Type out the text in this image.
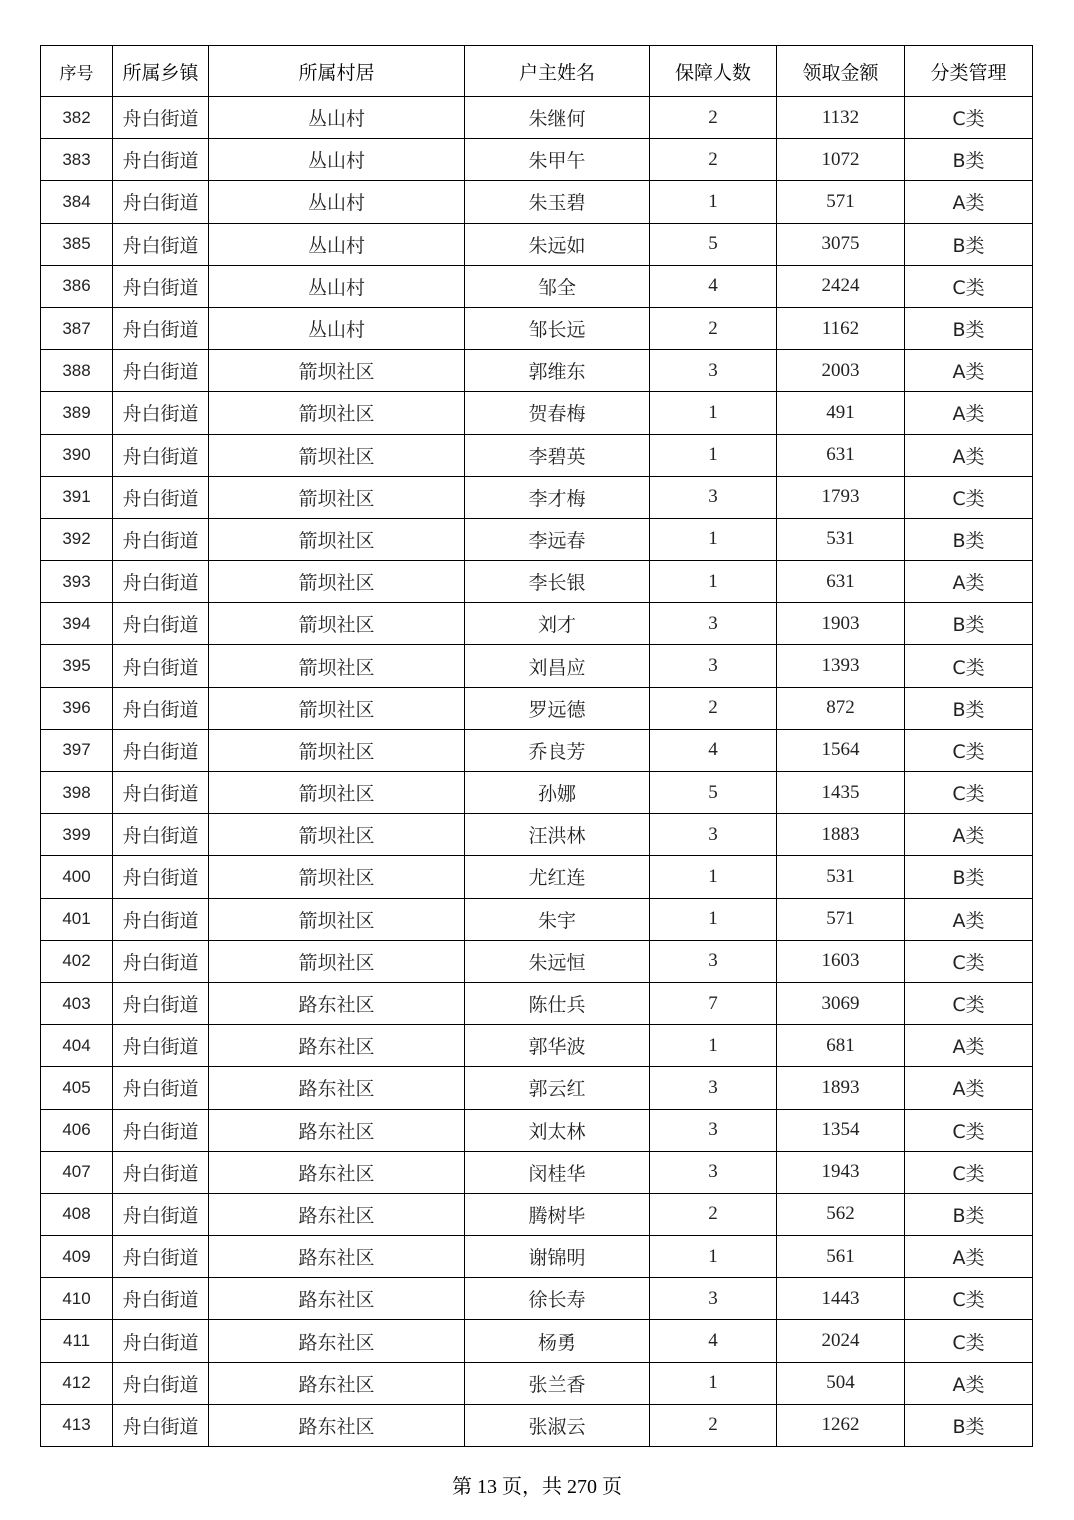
序号	所属乡镇	所属村居	户主姓名	保障人数	领取金额	分类管理
382	舟白街道	丛山村	朱继何	2	1132	C类
383	舟白街道	丛山村	朱甲午	2	1072	B类
384	舟白街道	丛山村	朱玉碧	1	571	A类
385	舟白街道	丛山村	朱远如	5	3075	B类
386	舟白街道	丛山村	邹全	4	2424	C类
387	舟白街道	丛山村	邹长远	2	1162	B类
388	舟白街道	箭坝社区	郭维东	3	2003	A类
389	舟白街道	箭坝社区	贺春梅	1	491	A类
390	舟白街道	箭坝社区	李碧英	1	631	A类
391	舟白街道	箭坝社区	李才梅	3	1793	C类
392	舟白街道	箭坝社区	李远春	1	531	B类
393	舟白街道	箭坝社区	李长银	1	631	A类
394	舟白街道	箭坝社区	刘才	3	1903	B类
395	舟白街道	箭坝社区	刘昌应	3	1393	C类
396	舟白街道	箭坝社区	罗远德	2	872	B类
397	舟白街道	箭坝社区	乔良芳	4	1564	C类
398	舟白街道	箭坝社区	孙娜	5	1435	C类
399	舟白街道	箭坝社区	汪洪林	3	1883	A类
400	舟白街道	箭坝社区	尤红连	1	531	B类
401	舟白街道	箭坝社区	朱宇	1	571	A类
402	舟白街道	箭坝社区	朱远恒	3	1603	C类
403	舟白街道	路东社区	陈仕兵	7	3069	C类
404	舟白街道	路东社区	郭华波	1	681	A类
405	舟白街道	路东社区	郭云红	3	1893	A类
406	舟白街道	路东社区	刘太林	3	1354	C类
407	舟白街道	路东社区	闵桂华	3	1943	C类
408	舟白街道	路东社区	腾树毕	2	562	B类
409	舟白街道	路东社区	谢锦明	1	561	A类
410	舟白街道	路东社区	徐长寿	3	1443	C类
411	舟白街道	路东社区	杨勇	4	2024	C类
412	舟白街道	路东社区	张兰香	1	504	A类
413	舟白街道	路东社区	张淑云	2	1262	B类
第 13 页，共 270 页
